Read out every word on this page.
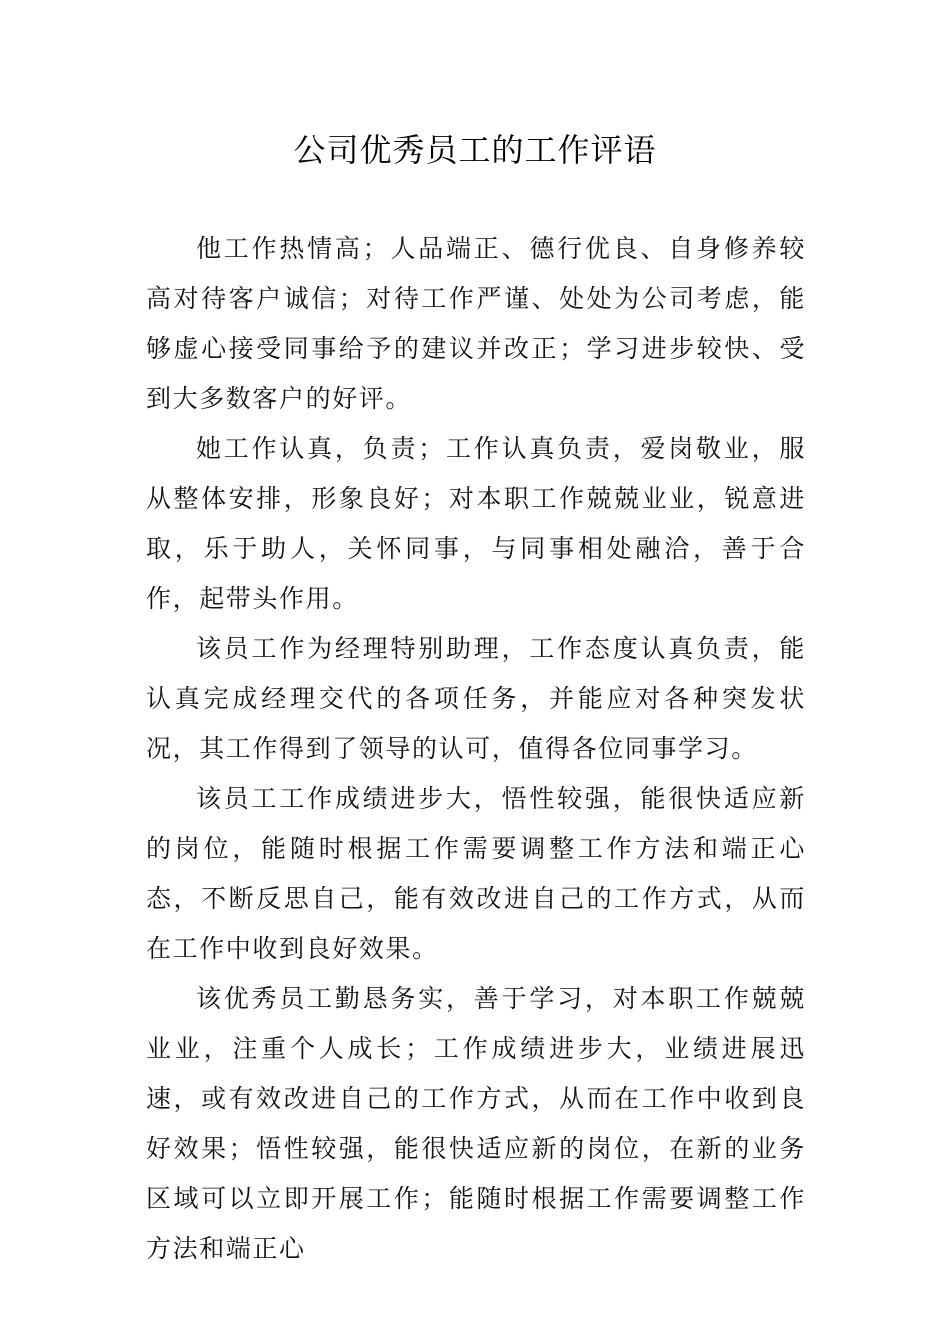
公司优秀员工的工作评语

他工作热情高；人品端正、德行优良、自身修养较高对待客户诚信；对待工作严谨、处处为公司考虑，能够虚心接受同事给予的建议并改正；学习进步较快、受到大多数客户的好评。

她工作认真，负责；工作认真负责，爱岗敬业，服从整体安排，形象良好；对本职工作兢兢业业，锐意进取，乐于助人，关怀同事，与同事相处融洽，善于合作，起带头作用。

该员工作为经理特别助理，工作态度认真负责，能认真完成经理交代的各项任务，并能应对各种突发状况，其工作得到了领导的认可，值得各位同事学习。

该员工工作成绩进步大，悟性较强，能很快适应新的岗位，能随时根据工作需要调整工作方法和端正心态，不断反思自己，能有效改进自己的工作方式，从而在工作中收到良好效果。

该优秀员工勤恳务实，善于学习，对本职工作兢兢业业，注重个人成长；工作成绩进步大，业绩进展迅速，或有效改进自己的工作方式，从而在工作中收到良好效果；悟性较强，能很快适应新的岗位，在新的业务区域可以立即开展工作；能随时根据工作需要调整工作方法和端正心
